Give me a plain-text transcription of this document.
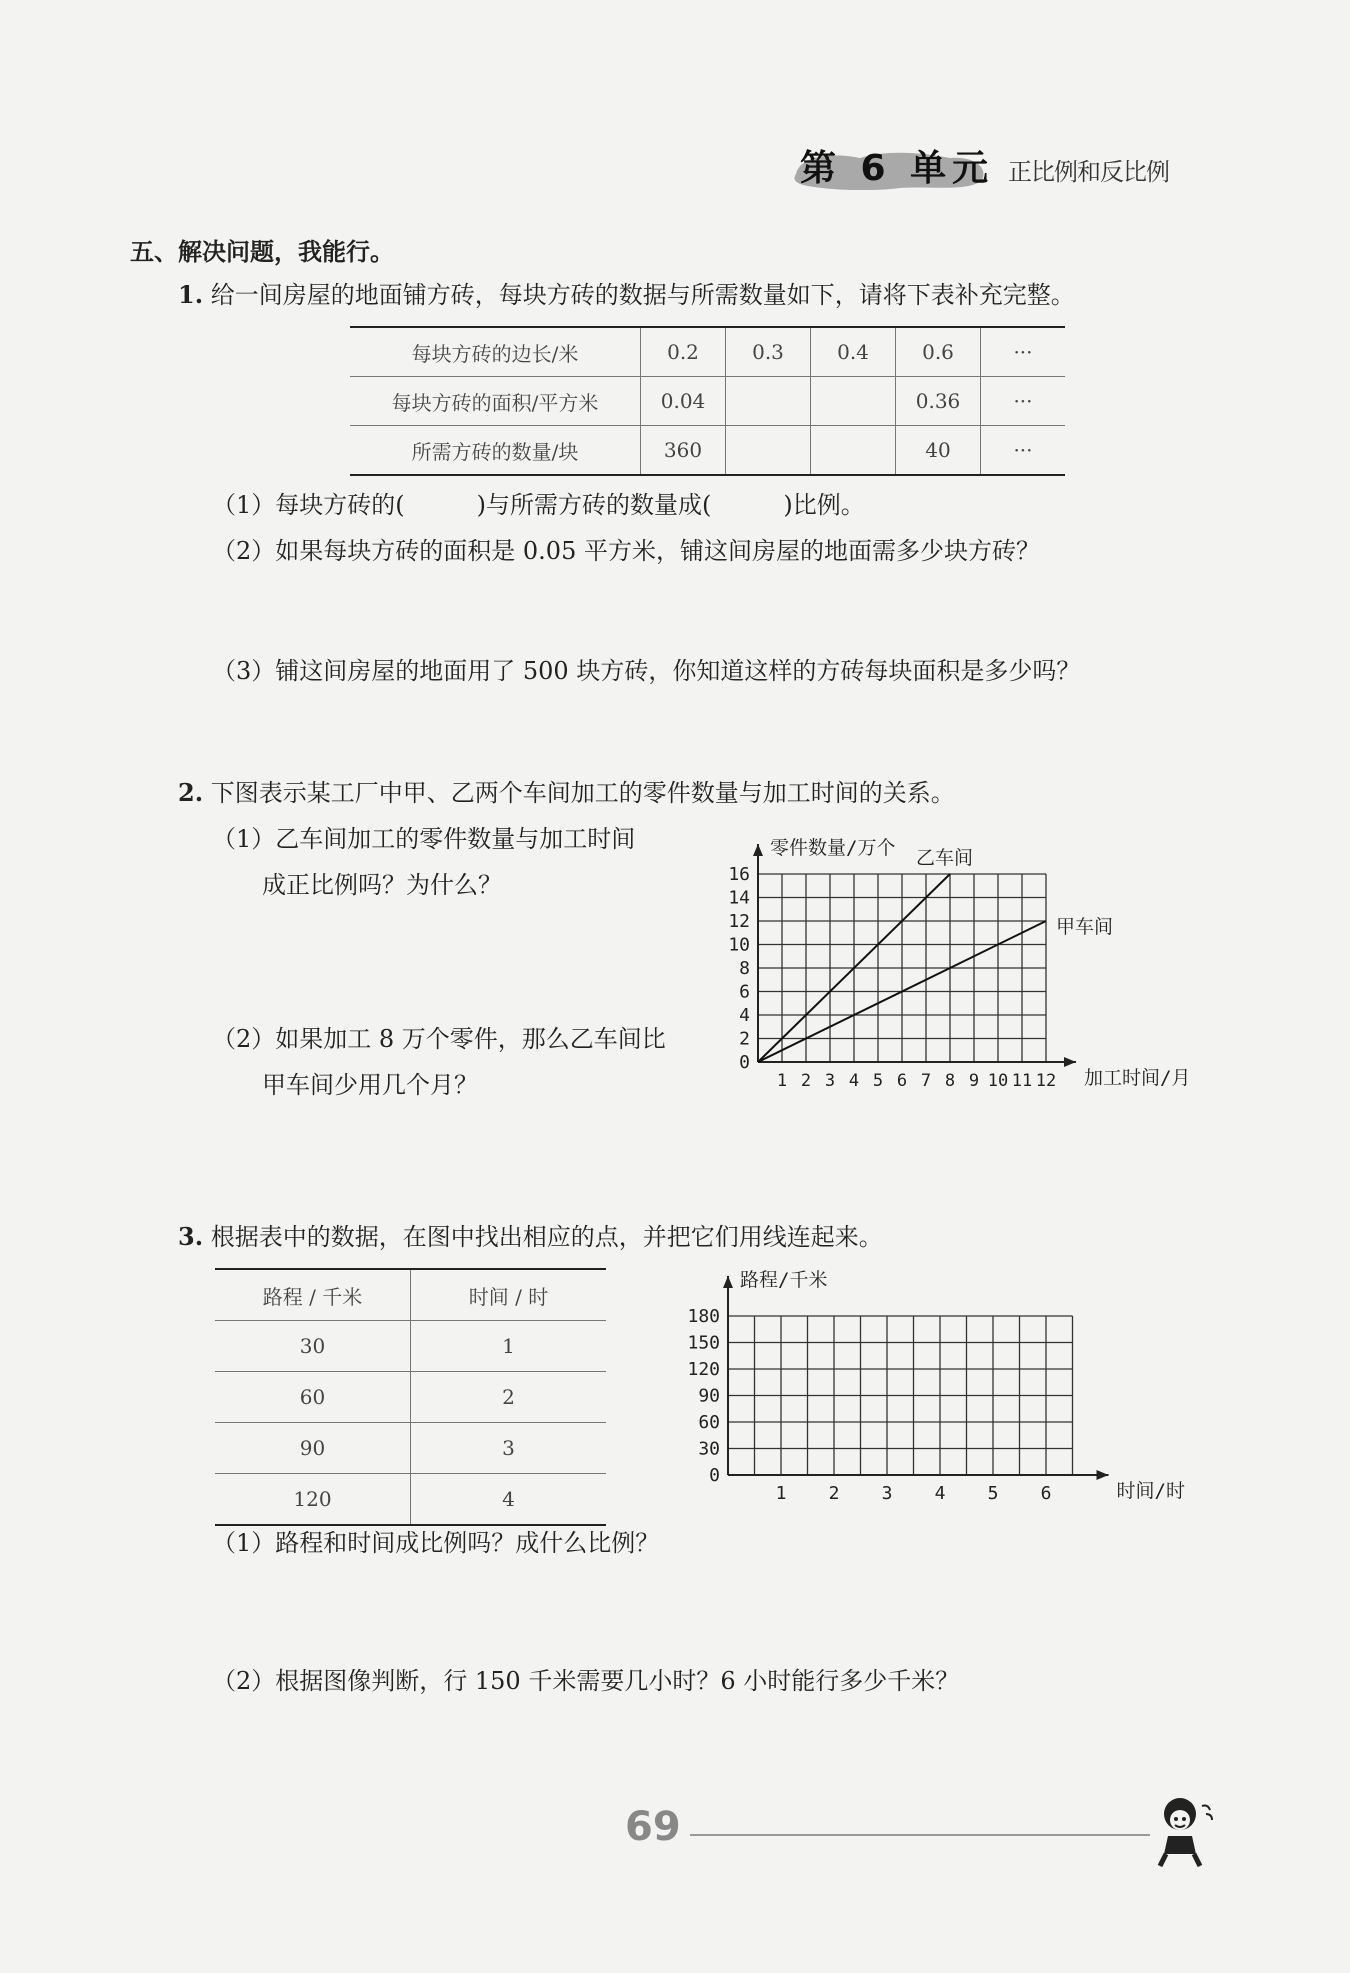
第 6 单元 正比例和反比例
五、解决问题，我能行。
1. 给一间房屋的地面铺方砖，每块方砖的数据与所需数量如下，请将下表补充完整。
每块方砖的边长/米	0.2	0.3	0.4	0.6	···
每块方砖的面积/平方米	0.04			0.36	···
所需方砖的数量/块	360			40	···
（1）每块方砖的(　　　)与所需方砖的数量成(　　　)比例。
（2）如果每块方砖的面积是 0.05 平方米，铺这间房屋的地面需多少块方砖？
（3）铺这间房屋的地面用了 500 块方砖，你知道这样的方砖每块面积是多少吗？
2. 下图表示某工厂中甲、乙两个车间加工的零件数量与加工时间的关系。
（1）乙车间加工的零件数量与加工时间
成正比例吗？为什么？
（2）如果加工 8 万个零件，那么乙车间比
甲车间少用几个月？
0
2
4
6
8
10
12
14
16
1 2 3 4 5 6 7 8 9 10 11 12
零件数量/万个
加工时间/月
乙车间
甲车间
3. 根据表中的数据，在图中找出相应的点，并把它们用线连起来。
路程 / 千米	时间 / 时
30	1
60	2
90	3
120	4
0
30
60
90
120
150
180
1 2 3 4 5 6
路程/千米
时间/时
（1）路程和时间成比例吗？成什么比例？
（2）根据图像判断，行 150 千米需要几小时？6 小时能行多少千米？
69
